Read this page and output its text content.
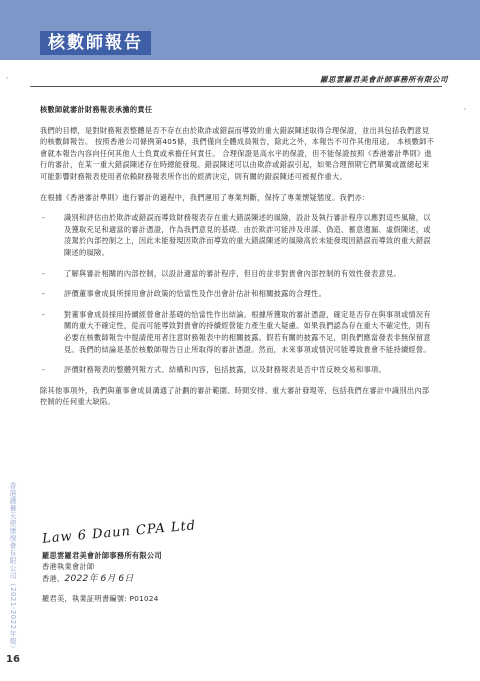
核數師報告
羅思雲羅君美會計師事務所有限公司
核數師就審計財務報表承擔的責任

我們的目標，是對財務報表整體是否不存在由於欺詐或錯誤而導致的重大錯誤陳述取得合理保證，並出具包括我們意見的核數師報告。 按照香港公司條例第405條，我們僅向全體成員報告，除此之外，本報告不可作其他用途。 本核數師不會就本報告內容向任何其他人士負責或承擔任何責任。 合理保證是高水平的保證，但不能保證按照《香港審計準則》進行的審計，在某一重大錯誤陳述存在時總能發現。錯誤陳述可以由欺詐或錯誤引起，如果合理預期它們單獨或滙總起來可能影響財務報表使用者依賴財務報表所作出的經濟決定，則有關的錯誤陳述可被視作重大。

在根據《香港審計準則》進行審計的過程中，我們運用了專業判斷，保持了專業懷疑態度。我們亦：

-	識別和評估由於欺詐或錯誤而導致財務報表存在重大錯誤陳述的風險，設計及執行審計程序以應對這些風險，以及獲取充足和適當的審計憑證，作為我們意見的基礎。由於欺詐可能涉及串謀、偽造、蓄意遺漏、虛假陳述，或凌駕於內部控制之上，因此未能發現因欺詐而導致的重大錯誤陳述的風險高於未能發現因錯誤而導致的重大錯誤陳述的風險。
-	了解與審計相關的內部控制，以設計適當的審計程序，但目的並非對貴會內部控制的有效性發表意見。
-	評價董事會成員所採用會計政策的恰當性及作出會計估計和相關披露的合理性。
-	對董事會成員採用持續經營會計基礎的恰當性作出結論。根據所獲取的審計憑證，確定是否存在與事項或情況有關的重大不確定性，從而可能導致對貴會的持續經營能力產生重大疑慮。如果我們認為存在重大不確定性，則有必要在核數師報告中提請使用者注意財務報表中的相關披露。假若有關的披露不足，則我們應當發表非無保留意見。我們的結論是基於核數師報告日止所取得的審計憑證。然而，未來事項或情況可能導致貴會不能持續經營。
-	評價財務報表的整體列報方式、結構和內容，包括披露，以及財務報表是否中肯反映交易和事項。

除其他事項外，我們與董事會成員溝通了計劃的審計範圍、時間安排、重大審計發現等，包括我們在審計中識別出內部控制的任何重大缺陷。

Law 6 Daun CPA Ltd
羅思雲羅君美會計師事務所有限公司
香港執業會計師
香港，2022年 6月 6日
羅君美，執業証明書編號: P01024
香港護養天使康復會有限公司（2021-2022年報）
16
